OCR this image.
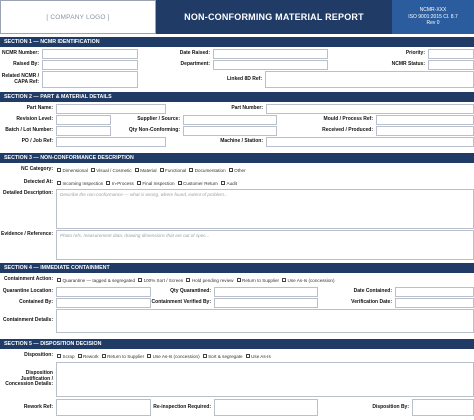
[ COMPANY LOGO ]	NON-CONFORMING MATERIAL REPORT
NCMR-XXX
ISO 9001:2015 Cl. 8.7
Rev 0
SECTION 1 — NCMR IDENTIFICATION
NCMR Number:	Date Raised:	Priority:
Raised By:	Department:	NCMR Status:
Related NCMR / CAPA Ref:	Linked 8D Ref:
SECTION 2 — PART & MATERIAL DETAILS
Part Name:	Part Number:
Revision Level:	Supplier / Source:	Mould / Process Ref:
Batch / Lot Number:	Qty Non-Conforming:	Received / Produced:
PO / Job Ref:	Machine / Station:
SECTION 3 — NON-CONFORMANCE DESCRIPTION
NC Category:	Dimensional Visual / Cosmetic Material Functional Documentation Other
Detected At:	Incoming Inspection In-Process Final Inspection Customer Return Audit
Detailed Description:	Describe the non-conformance — what is wrong, where found, extent of problem...
Evidence / Reference:	Photo refs, measurement data, drawing dimensions that are out of spec...
SECTION 4 — IMMEDIATE CONTAINMENT
Containment Action:	Quarantine — tagged & segregated 100% Sort / Screen Hold pending review Return to Supplier Use As-Is (concession)
Quarantine Location:	Qty Quarantined:	Date Contained:
Contained By:	Containment Verified By:	Verification Date:
Containment Details:
SECTION 5 — DISPOSITION DECISION
Disposition:	Scrap Rework Return to Supplier Use As-Is (concession) Sort & segregate Use As-Is
Disposition Justification / Concession Details:
Rework Ref:	Re-inspection Required:	Disposition By:
